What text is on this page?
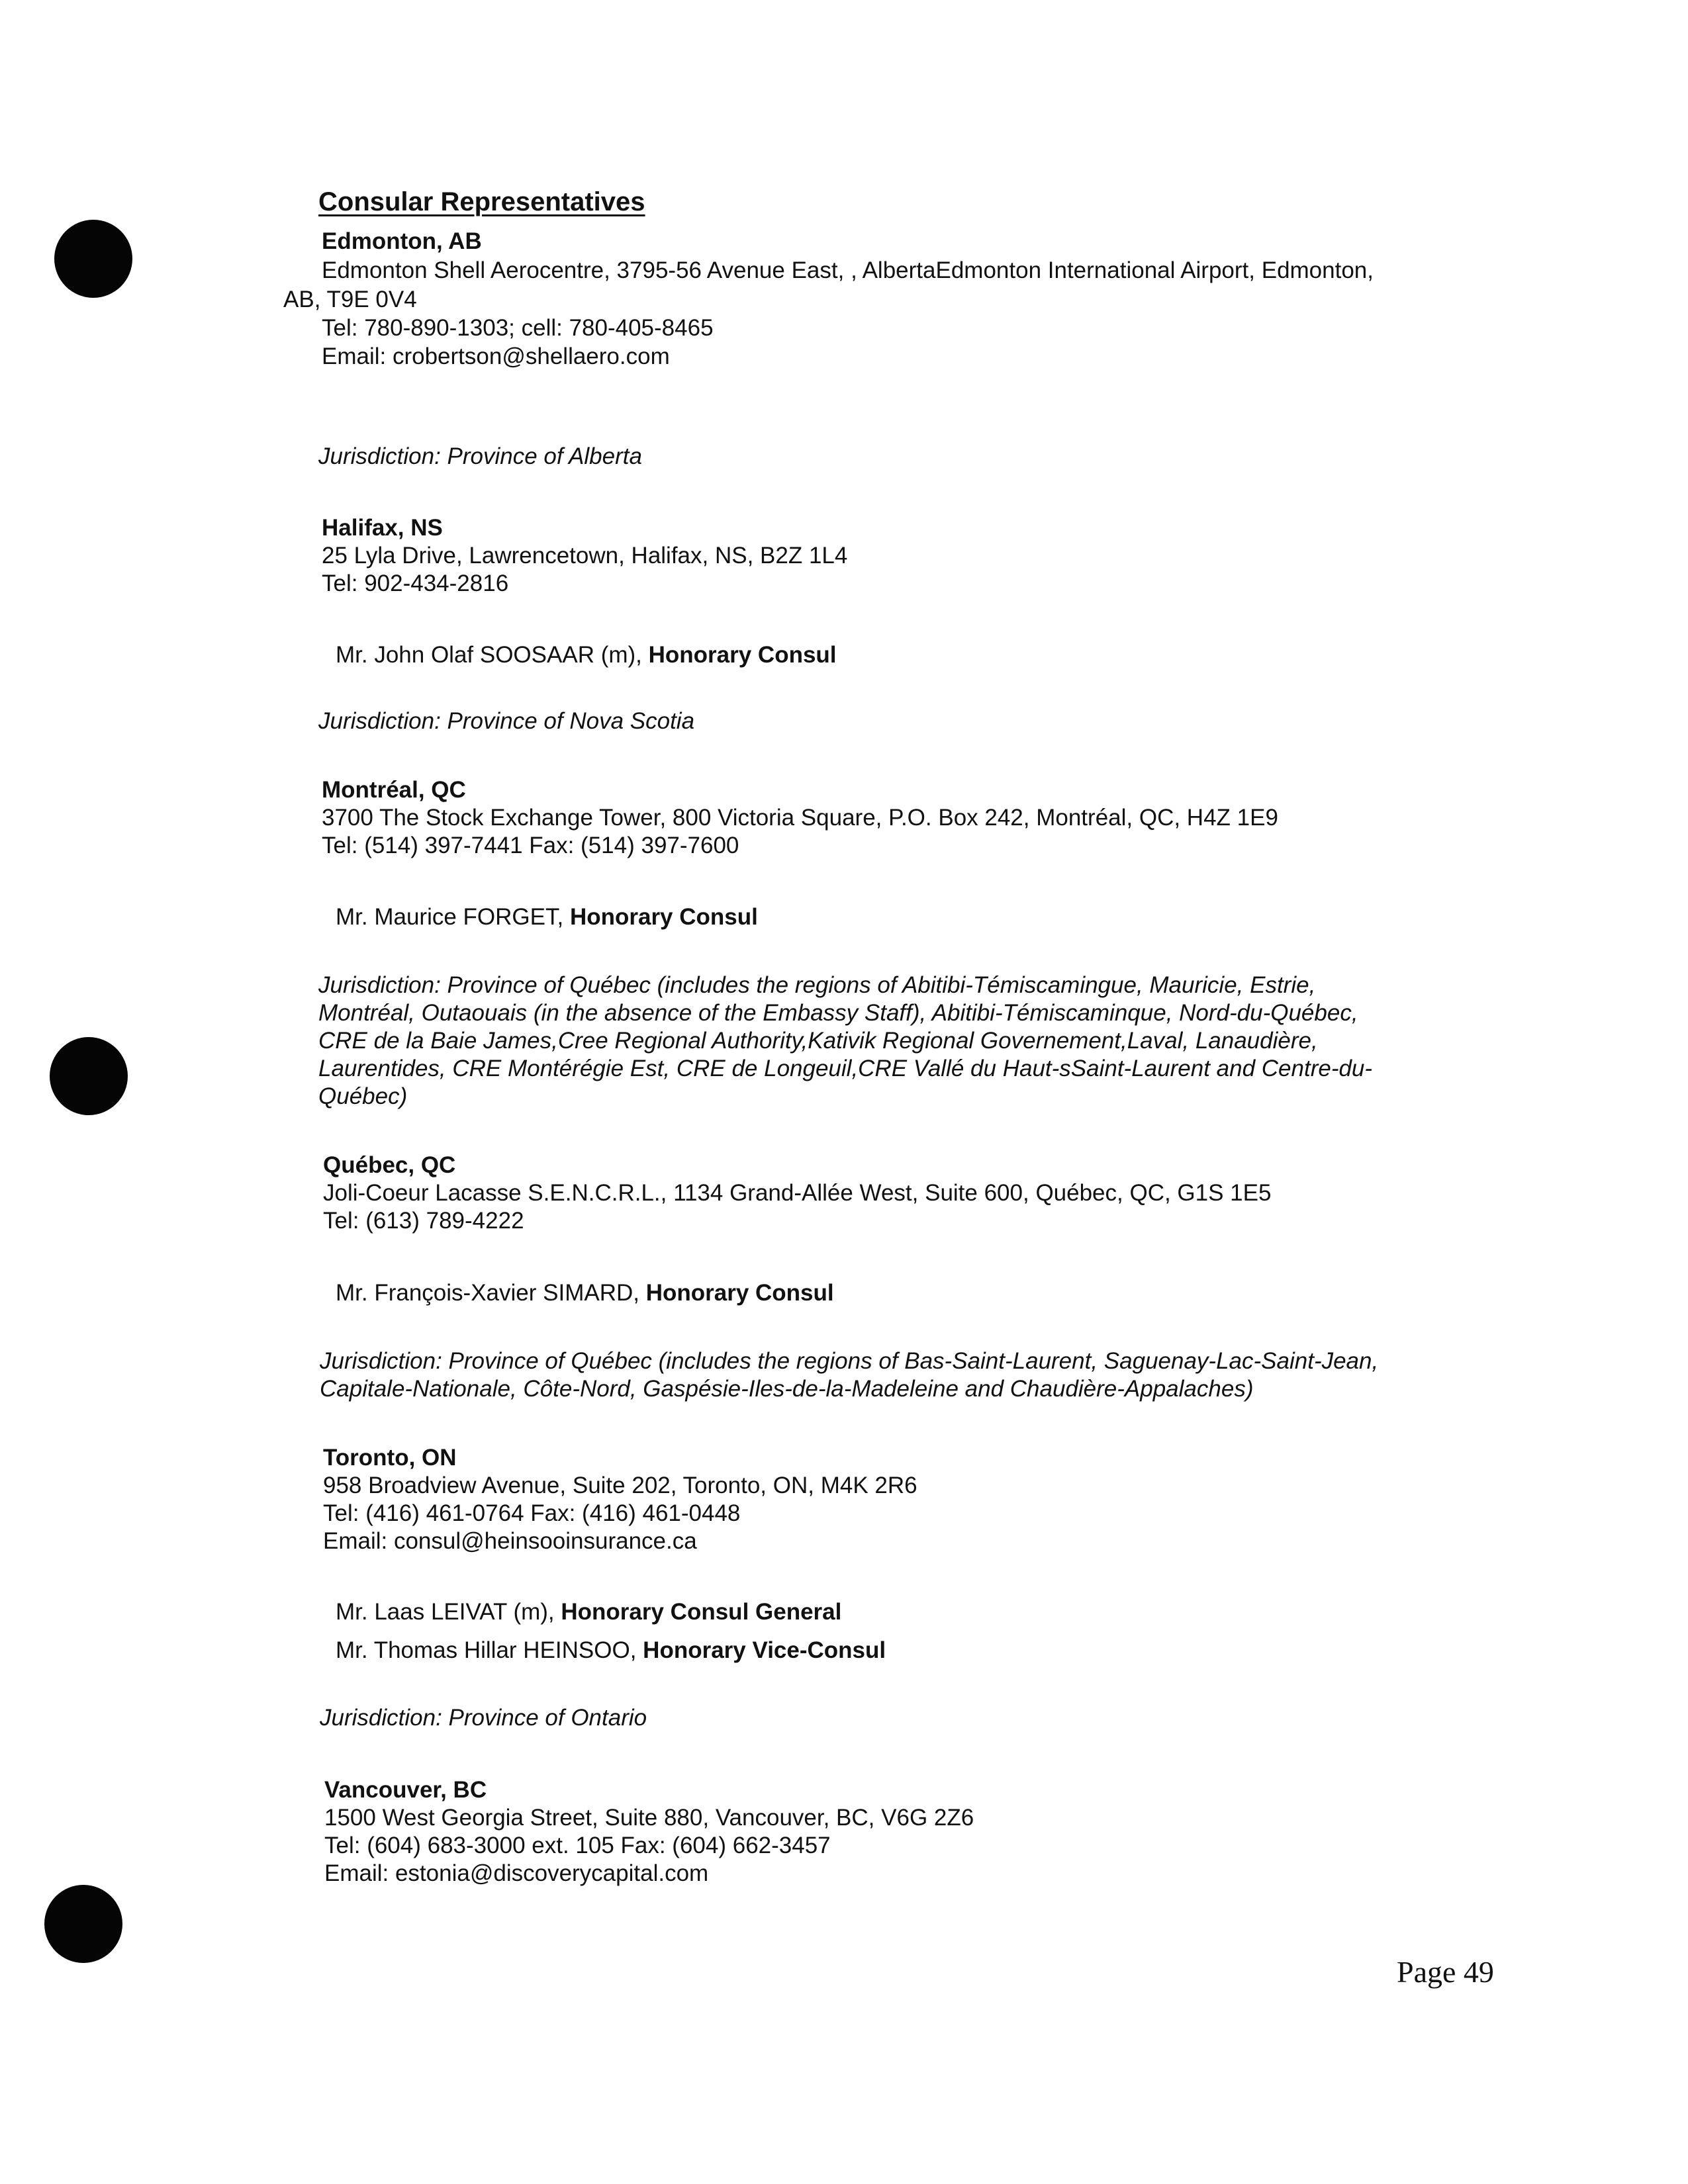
Consular Representatives
Edmonton, AB
Edmonton Shell Aerocentre, 3795-56 Avenue East, , AlbertaEdmonton International Airport, Edmonton,
AB, T9E 0V4
Tel: 780-890-1303; cell: 780-405-8465
Email: crobertson@shellaero.com
Jurisdiction: Province of Alberta
Halifax, NS
25 Lyla Drive, Lawrencetown, Halifax, NS, B2Z 1L4
Tel: 902-434-2816
Mr. John Olaf SOOSAAR (m), Honorary Consul
Jurisdiction: Province of Nova Scotia
Montréal, QC
3700 The Stock Exchange Tower, 800 Victoria Square, P.O. Box 242, Montréal, QC, H4Z 1E9
Tel: (514) 397-7441 Fax: (514) 397-7600
Mr. Maurice FORGET, Honorary Consul
Jurisdiction: Province of Québec (includes the regions of Abitibi-Témiscamingue, Mauricie, Estrie,
Montréal, Outaouais (in the absence of the Embassy Staff), Abitibi-Témiscaminque, Nord-du-Québec,
CRE de la Baie James,Cree Regional Authority,Kativik Regional Governement,Laval, Lanaudière,
Laurentides, CRE Montérégie Est, CRE de Longeuil,CRE Vallé du Haut-sSaint-Laurent and Centre-du-
Québec)
Québec, QC
Joli-Coeur Lacasse S.E.N.C.R.L., 1134 Grand-Allée West, Suite 600, Québec, QC, G1S 1E5
Tel: (613) 789-4222
Mr. François-Xavier SIMARD, Honorary Consul
Jurisdiction: Province of Québec (includes the regions of Bas-Saint-Laurent, Saguenay-Lac-Saint-Jean,
Capitale-Nationale, Côte-Nord, Gaspésie-Iles-de-la-Madeleine and Chaudière-Appalaches)
Toronto, ON
958 Broadview Avenue, Suite 202, Toronto, ON, M4K 2R6
Tel: (416) 461-0764 Fax: (416) 461-0448
Email: consul@heinsooinsurance.ca
Mr. Laas LEIVAT (m), Honorary Consul General
Mr. Thomas Hillar HEINSOO, Honorary Vice-Consul
Jurisdiction: Province of Ontario
Vancouver, BC
1500 West Georgia Street, Suite 880, Vancouver, BC, V6G 2Z6
Tel: (604) 683-3000 ext. 105 Fax: (604) 662-3457
Email: estonia@discoverycapital.com
Page 49
